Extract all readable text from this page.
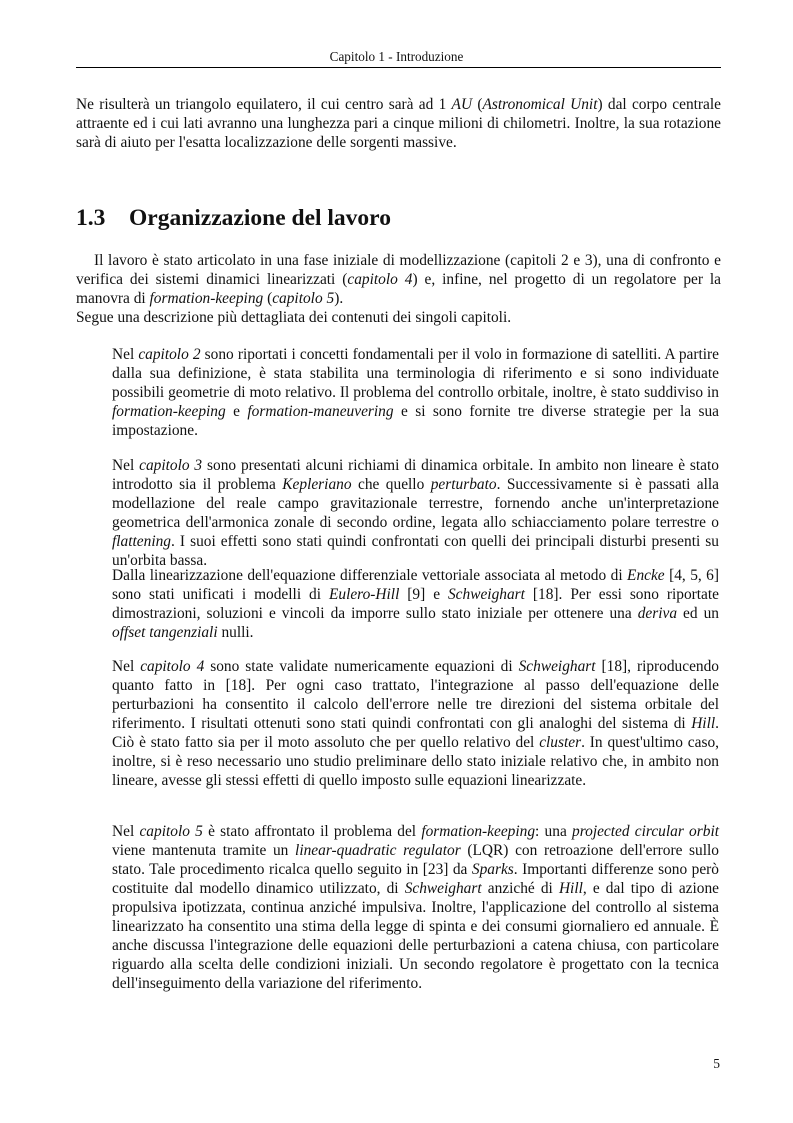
Capitolo 1 - Introduzione

Ne risulterà un triangolo equilatero, il cui centro sarà ad 1 AU (Astronomical Unit) dal corpo centrale attraente ed i cui lati avranno una lunghezza pari a cinque milioni di chilometri. Inoltre, la sua rotazione sarà di aiuto per l'esatta localizzazione delle sorgenti massive.

1.3 Organizzazione del lavoro

Il lavoro è stato articolato in una fase iniziale di modellizzazione (capitoli 2 e 3), una di confronto e verifica dei sistemi dinamici linearizzati (capitolo 4) e, infine, nel progetto di un regolatore per la manovra di formation-keeping (capitolo 5).

Segue una descrizione più dettagliata dei contenuti dei singoli capitoli.

Nel capitolo 2 sono riportati i concetti fondamentali per il volo in formazione di satelliti. A partire dalla sua definizione, è stata stabilita una terminologia di riferimento e si sono individuate possibili geometrie di moto relativo. Il problema del controllo orbitale, inoltre, è stato suddiviso in formation-keeping e formation-maneuvering e si sono fornite tre diverse strategie per la sua impostazione.

Nel capitolo 3 sono presentati alcuni richiami di dinamica orbitale. In ambito non lineare è stato introdotto sia il problema Kepleriano che quello perturbato. Successivamente si è passati alla modellazione del reale campo gravitazionale terrestre, fornendo anche un'interpretazione geometrica dell'armonica zonale di secondo ordine, legata allo schiacciamento polare terrestre o flattening. I suoi effetti sono stati quindi confrontati con quelli dei principali disturbi presenti su un'orbita bassa.

Dalla linearizzazione dell'equazione differenziale vettoriale associata al metodo di Encke [4, 5, 6] sono stati unificati i modelli di Eulero-Hill [9] e Schweighart [18]. Per essi sono riportate dimostrazioni, soluzioni e vincoli da imporre sullo stato iniziale per ottenere una deriva ed un offset tangenziali nulli.

Nel capitolo 4 sono state validate numericamente equazioni di Schweighart [18], riproducendo quanto fatto in [18]. Per ogni caso trattato, l'integrazione al passo dell'equazione delle perturbazioni ha consentito il calcolo dell'errore nelle tre direzioni del sistema orbitale del riferimento. I risultati ottenuti sono stati quindi confrontati con gli analoghi del sistema di Hill. Ciò è stato fatto sia per il moto assoluto che per quello relativo del cluster. In quest'ultimo caso, inoltre, si è reso necessario uno studio preliminare dello stato iniziale relativo che, in ambito non lineare, avesse gli stessi effetti di quello imposto sulle equazioni linearizzate.

Nel capitolo 5 è stato affrontato il problema del formation-keeping: una projected circular orbit viene mantenuta tramite un linear-quadratic regulator (LQR) con retroazione dell'errore sullo stato. Tale procedimento ricalca quello seguito in [23] da Sparks. Importanti differenze sono però costituite dal modello dinamico utilizzato, di Schweighart anziché di Hill, e dal tipo di azione propulsiva ipotizzata, continua anziché impulsiva. Inoltre, l'applicazione del controllo al sistema linearizzato ha consentito una stima della legge di spinta e dei consumi giornaliero ed annuale. È anche discussa l'integrazione delle equazioni delle perturbazioni a catena chiusa, con particolare riguardo alla scelta delle condizioni iniziali. Un secondo regolatore è progettato con la tecnica dell'inseguimento della variazione del riferimento.

5
